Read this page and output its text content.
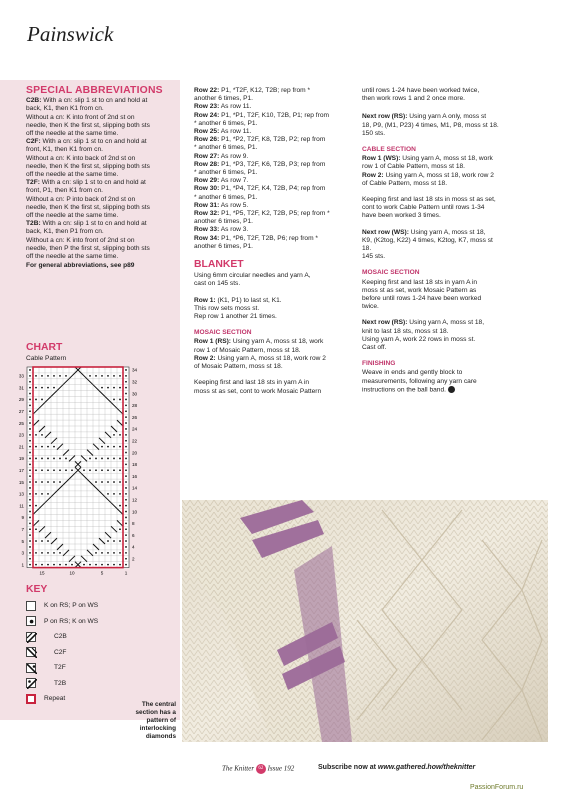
Painswick
SPECIAL ABBREVIATIONS
C2B: With a cn: slip 1 st to cn and hold at
back, K1, then K1 from cn.
Without a cn: K into front of 2nd st on
needle, then K the first st, slipping both sts
off the needle at the same time.
C2F: With a cn: slip 1 st to cn and hold at
front, K1, then K1 from cn.
Without a cn: K into back of 2nd st on
needle, then K the first st, slipping both sts
off the needle at the same time.
T2F: With a cn: slip 1 st to cn and hold at
front, P1, then K1 from cn.
Without a cn: P into back of 2nd st on
needle, then K the first st, slipping both sts
off the needle at the same time.
T2B: With a cn: slip 1 st to cn and hold at
back, K1, then P1 from cn.
Without a cn: K into front of 2nd st on
needle, then P the first st, slipping both sts
off the needle at the same time.
For general abbreviations, see p89
CHART
Cable Pattern
33
31
29
27
25
23
21
19
17
15
13
11
9
7
5
3
1
34
32
30
28
26
24
22
20
18
16
14
12
10
8
6
4
2
15	10	5	1
KEY
K on RS; P on WS
P on RS; K on WS
C2B
C2F
T2F
T2B
Repeat
The central section has a pattern of interlocking diamonds
Row 22: P1, *T2F, K12, T2B; rep from *
another 6 times, P1.
Row 23: As row 11.
Row 24: P1, *P1, T2F, K10, T2B, P1; rep from
* another 6 times, P1.
Row 25: As row 11.
Row 26: P1, *P2, T2F, K8, T2B, P2; rep from
* another 6 times, P1.
Row 27: As row 9.
Row 28: P1, *P3, T2F, K6, T2B, P3; rep from
* another 6 times, P1.
Row 29: As row 7.
Row 30: P1, *P4, T2F, K4, T2B, P4; rep from
* another 6 times, P1.
Row 31: As row 5.
Row 32: P1, *P5, T2F, K2, T2B, P5; rep from *
another 6 times, P1.
Row 33: As row 3.
Row 34: P1, *P6, T2F, T2B, P6; rep from *
another 6 times, P1.
BLANKET
Using 6mm circular needles and yarn A,
cast on 145 sts.
Row 1: (K1, P1) to last st, K1.
This row sets moss st.
Rep row 1 another 21 times.
MOSAIC SECTION
Row 1 (RS): Using yarn A, moss st 18, work
row 1 of Mosaic Pattern, moss st 18.
Row 2: Using yarn A, moss st 18, work row 2
of Mosaic Pattern, moss st 18.
Keeping first and last 18 sts in yarn A in
moss st as set, cont to work Mosaic Pattern
until rows 1-24 have been worked twice,
then work rows 1 and 2 once more.
Next row (RS): Using yarn A only, moss st
18, P9, (M1, P23) 4 times, M1, P8, moss st 18.
150 sts.
CABLE SECTION
Row 1 (WS): Using yarn A, moss st 18, work
row 1 of Cable Pattern, moss st 18.
Row 2: Using yarn A, moss st 18, work row 2
of Cable Pattern, moss st 18.
Keeping first and last 18 sts in moss st as set,
cont to work Cable Pattern until rows 1-34
have been worked 3 times.
Next row (WS): Using yarn A, moss st 18,
K9, (K2tog, K22) 4 times, K2tog, K7, moss st
18.
145 sts.
MOSAIC SECTION
Keeping first and last 18 sts in yarn A in
moss st as set, work Mosaic Pattern as
before until rows 1-24 have been worked
twice.
Next row (RS): Using yarn A, moss st 18,
knit to last 18 sts, moss st 18.
Using yarn A, work 22 rows in moss st.
Cast off.
FINISHING
Weave in ends and gently block to
measurements, following any yarn care
instructions on the ball band.
The Knitter 62 Issue 192	Subscribe now at www.gathered.how/theknitter
PassionForum.ru
